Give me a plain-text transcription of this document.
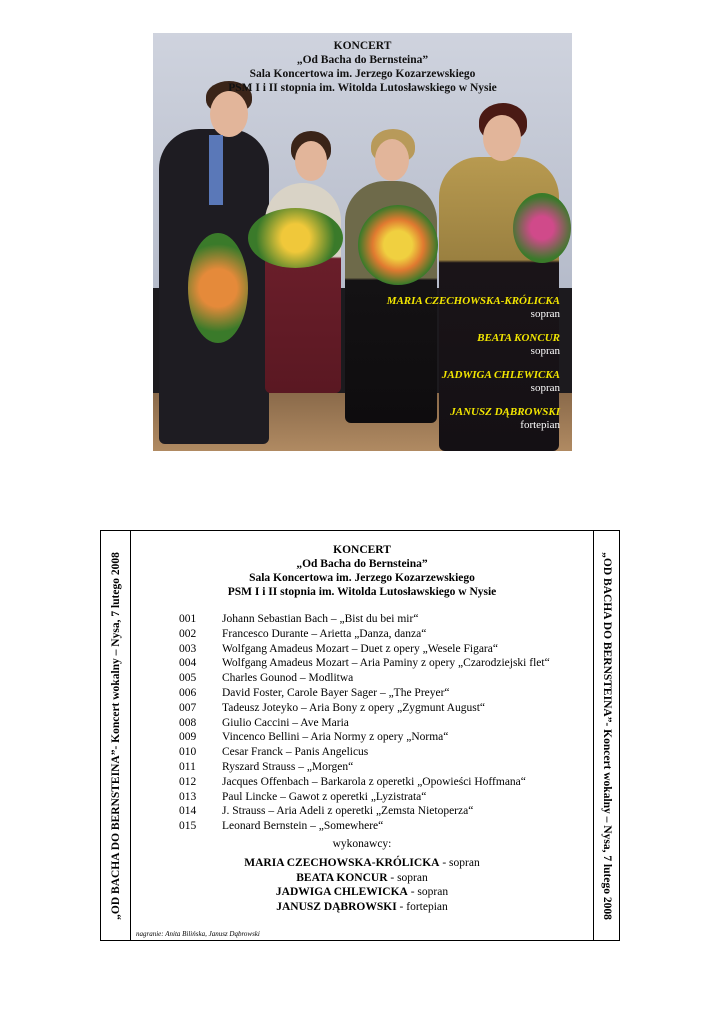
KONCERT
„Od Bacha do Bernsteina”
Sala Koncertowa im. Jerzego Kozarzewskiego
PSM I i II stopnia im. Witolda Lutosławskiego w Nysie
MARIA CZECHOWSKA-KRÓLICKA
sopran
BEATA KONCUR
sopran
JADWIGA CHLEWICKA
sopran
JANUSZ DĄBROWSKI
fortepian
„OD BACHA DO BERNSTEINA”- Koncert wokalny – Nysa, 7 lutego 2008	„OD BACHA DO BERNSTEINA”- Koncert wokalny – Nysa, 7 lutego 2008
KONCERT
„Od Bacha do Bernsteina”
Sala Koncertowa im. Jerzego Kozarzewskiego
PSM I i II stopnia im. Witolda Lutosławskiego w Nysie
001	Johann Sebastian Bach – „Bist du bei mir“
002	Francesco Durante – Arietta „Danza, danza“
003	Wolfgang Amadeus Mozart – Duet z opery „Wesele Figara“
004	Wolfgang Amadeus Mozart – Aria Paminy z opery „Czarodziejski flet“
005	Charles Gounod – Modlitwa
006	David Foster, Carole Bayer Sager – „The Preyer“
007	Tadeusz Joteyko – Aria Bony z opery „Zygmunt August“
008	Giulio Caccini – Ave Maria
009	Vincenco Bellini – Aria Normy z opery „Norma“
010	Cesar Franck – Panis Angelicus
011	Ryszard Strauss – „Morgen“
012	Jacques Offenbach – Barkarola z operetki „Opowieści Hoffmana“
013	Paul Lincke – Gawot z operetki „Lyzistrata“
014	J. Strauss – Aria Adeli z operetki „Zemsta Nietoperza“
015	Leonard Bernstein – „Somewhere“
wykonawcy:
MARIA CZECHOWSKA-KRÓLICKA - sopran
BEATA KONCUR - sopran
JADWIGA CHLEWICKA - sopran
JANUSZ DĄBROWSKI - fortepian
nagranie: Anita Bilińska, Janusz Dąbrowski
